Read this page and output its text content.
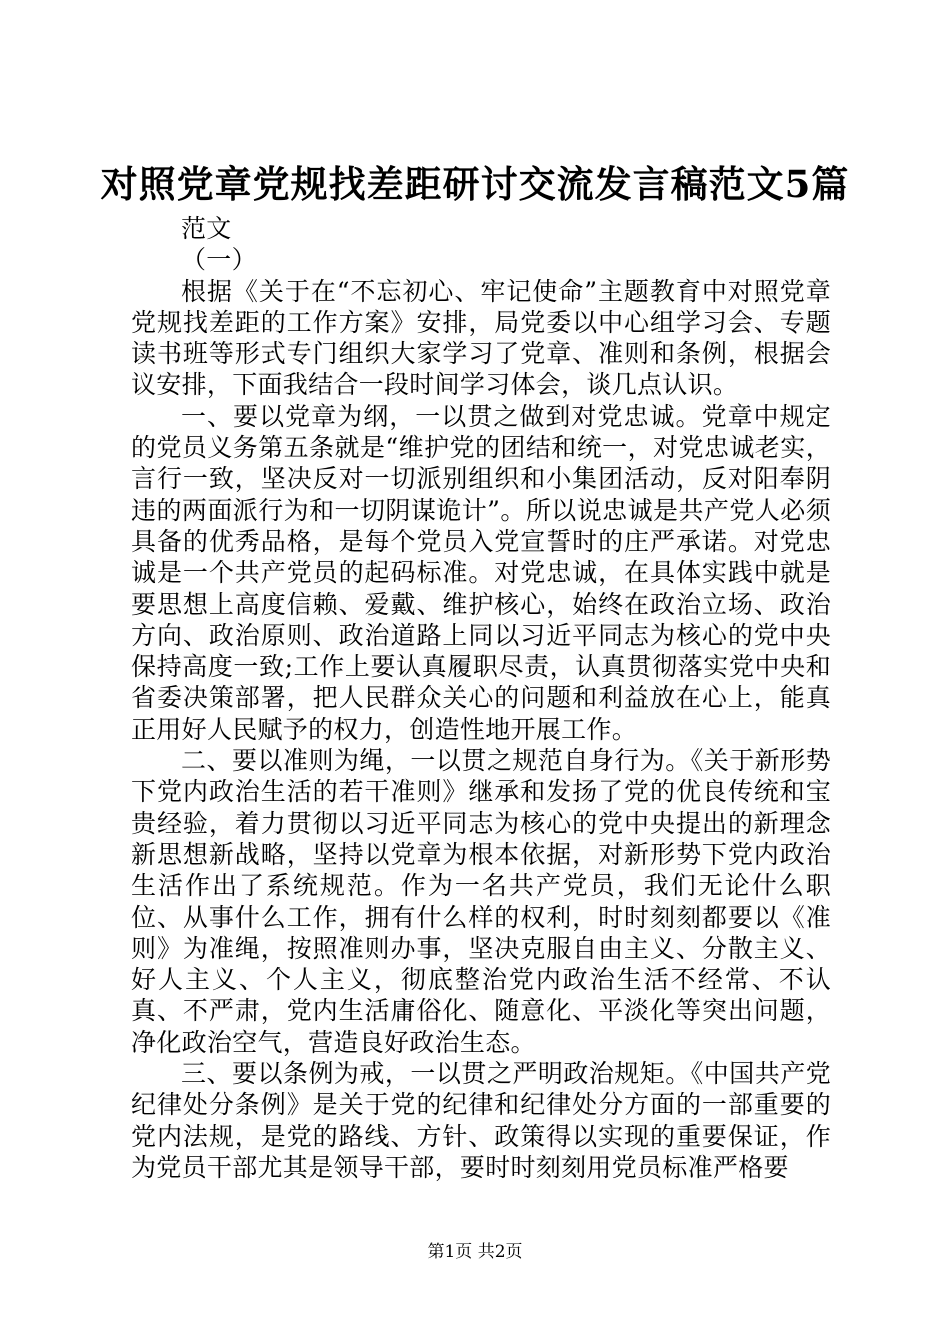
对照党章党规找差距研讨交流发言稿范文5篇

范文

（一）

根据《关于在“不忘初心、牢记使命”主题教育中对照党章党规找差距的工作方案》安排，局党委以中心组学习会、专题读书班等形式专门组织大家学习了党章、准则和条例，根据会议安排，下面我结合一段时间学习体会，谈几点认识。

一、要以党章为纲，一以贯之做到对党忠诚。党章中规定的党员义务第五条就是“维护党的团结和统一，对党忠诚老实，言行一致，坚决反对一切派别组织和小集团活动，反对阳奉阴违的两面派行为和一切阴谋诡计”。所以说忠诚是共产党人必须具备的优秀品格，是每个党员入党宣誓时的庄严承诺。对党忠诚是一个共产党员的起码标准。对党忠诚，在具体实践中就是要思想上高度信赖、爱戴、维护核心，始终在政治立场、政治方向、政治原则、政治道路上同以习近平同志为核心的党中央保持高度一致;工作上要认真履职尽责，认真贯彻落实党中央和省委决策部署，把人民群众关心的问题和利益放在心上，能真正用好人民赋予的权力，创造性地开展工作。

二、要以准则为绳，一以贯之规范自身行为。《关于新形势下党内政治生活的若干准则》继承和发扬了党的优良传统和宝贵经验，着力贯彻以习近平同志为核心的党中央提出的新理念新思想新战略，坚持以党章为根本依据，对新形势下党内政治生活作出了系统规范。作为一名共产党员，我们无论什么职位、从事什么工作，拥有什么样的权利，时时刻刻都要以《准则》为准绳，按照准则办事，坚决克服自由主义、分散主义、好人主义、个人主义，彻底整治党内政治生活不经常、不认真、不严肃，党内生活庸俗化、随意化、平淡化等突出问题，净化政治空气，营造良好政治生态。

三、要以条例为戒，一以贯之严明政治规矩。《中国共产党纪律处分条例》是关于党的纪律和纪律处分方面的一部重要的党内法规，是党的路线、方针、政策得以实现的重要保证，作为党员干部尤其是领导干部，要时时刻刻用党员标准严格要

第1页 共2页
